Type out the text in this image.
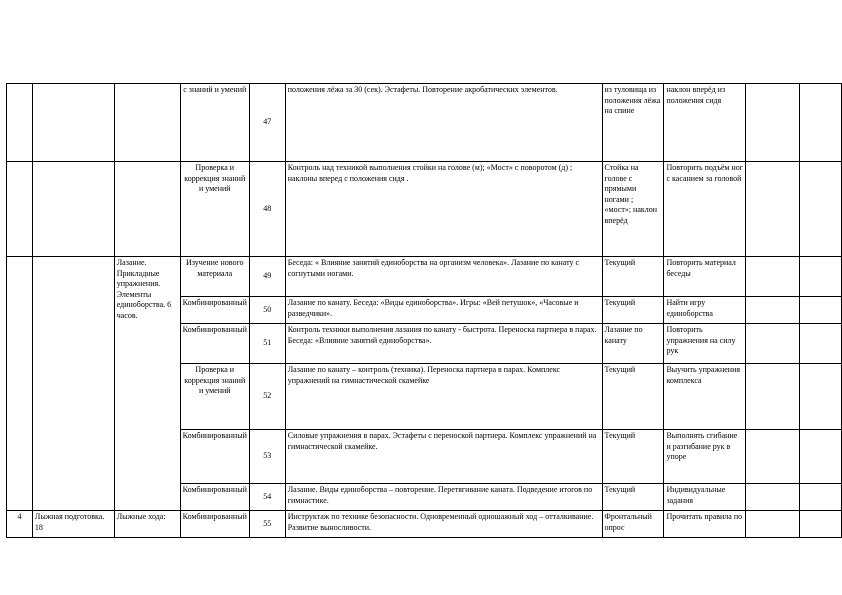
			с знаний и умений	47	положения лёжа за 30 (сек). Эстафеты. Повторение акробатических элементов.	из туловища из положения лёжа на спине	наклон вперёд из положения сидя		
			Проверка и коррекция знаний и умений	48	Контроль над техникой выполнения стойки на голове (м); «Мост» с поворотом (д) ; наклоны вперед с положения сидя .	Стойка на голове с прямыми ногами ; «мост»; наклон вперёд	Повторить подъём ног с касанием за головой		
		Лазание. Прикладные упражнения. Элементы единоборства. 6 часов.	Изучение нового материала	49	Беседа: « Влияние занятий единоборства на организм человека». Лазание по канату с согнутыми ногами.	Текущий	Повторить материал беседы		
			Комбинированный	50	Лазание по канату. Беседа: «Виды единоборства». Игры: «Вей петушок», «Часовые и разведчики».	Текущий	Найти игру единоборства		
			Комбинированный	51	Контроль техники выполнения лазания по канату - быстрота. Переноска партнера в парах. Беседа: «Влияние занятий единоборства».	Лазание по канату	Повторить упражнения на силу рук		
			Проверка и коррекция знаний и умений	52	Лазание по канату – контроль (техника). Переноска партнера в парах. Комплекс упражнений на гимнастической скамейке	Текущий	Выучить упражнения комплекса		
			Комбинированный	53	Силовые упражнения в парах. Эстафеты с переноской партнера. Комплекс упражнений на гимнастической скамейке.	Текущий	Выполнять сгибание и разгибание рук в упоре		
			Комбинированный	54	Лазание. Виды единоборства – повторение. Перетягивание каната. Подведение итогов по гимнастике.	Текущий	Индивидуальные задания		
4	Лыжная подготовка. 18	Лыжные хода:	Комбинированный	55	Инструктаж по технике безопасности. Одновременный одношажный ход – отталкивание. Развитие выносливости.	Фронтальный опрос	Прочитать правила по		
